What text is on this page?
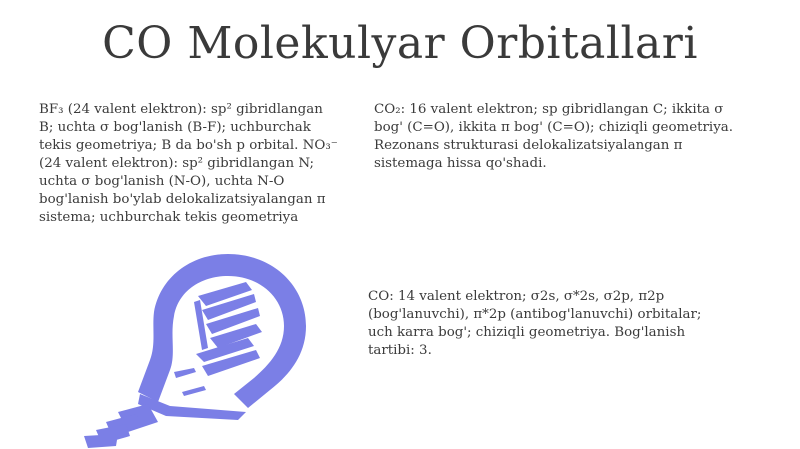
CO Molekulyar Orbitallari
BF₃ (24 valent elektron): sp² gibridlangan
B; uchta σ bog'lanish (B-F); uchburchak
tekis geometriya; B da bo'sh p orbital. NO₃⁻
(24 valent elektron): sp² gibridlangan N;
uchta σ bog'lanish (N-O), uchta N-O
bog'lanish bo'ylab delokalizatsiyalangan π
sistema; uchburchak tekis geometriya
CO₂: 16 valent elektron; sp gibridlangan C; ikkita σ
bog' (C=O), ikkita π bog' (C=O); chiziqli geometriya.
Rezonans strukturasi delokalizatsiyalangan π
sistemaga hissa qo'shadi.
CO: 14 valent elektron; σ2s, σ*2s, σ2p, π2p
(bog'lanuvchi), π*2p (antibog'lanuvchi) orbitalar;
uch karra bog'; chiziqli geometriya. Bog'lanish
tartibi: 3.
